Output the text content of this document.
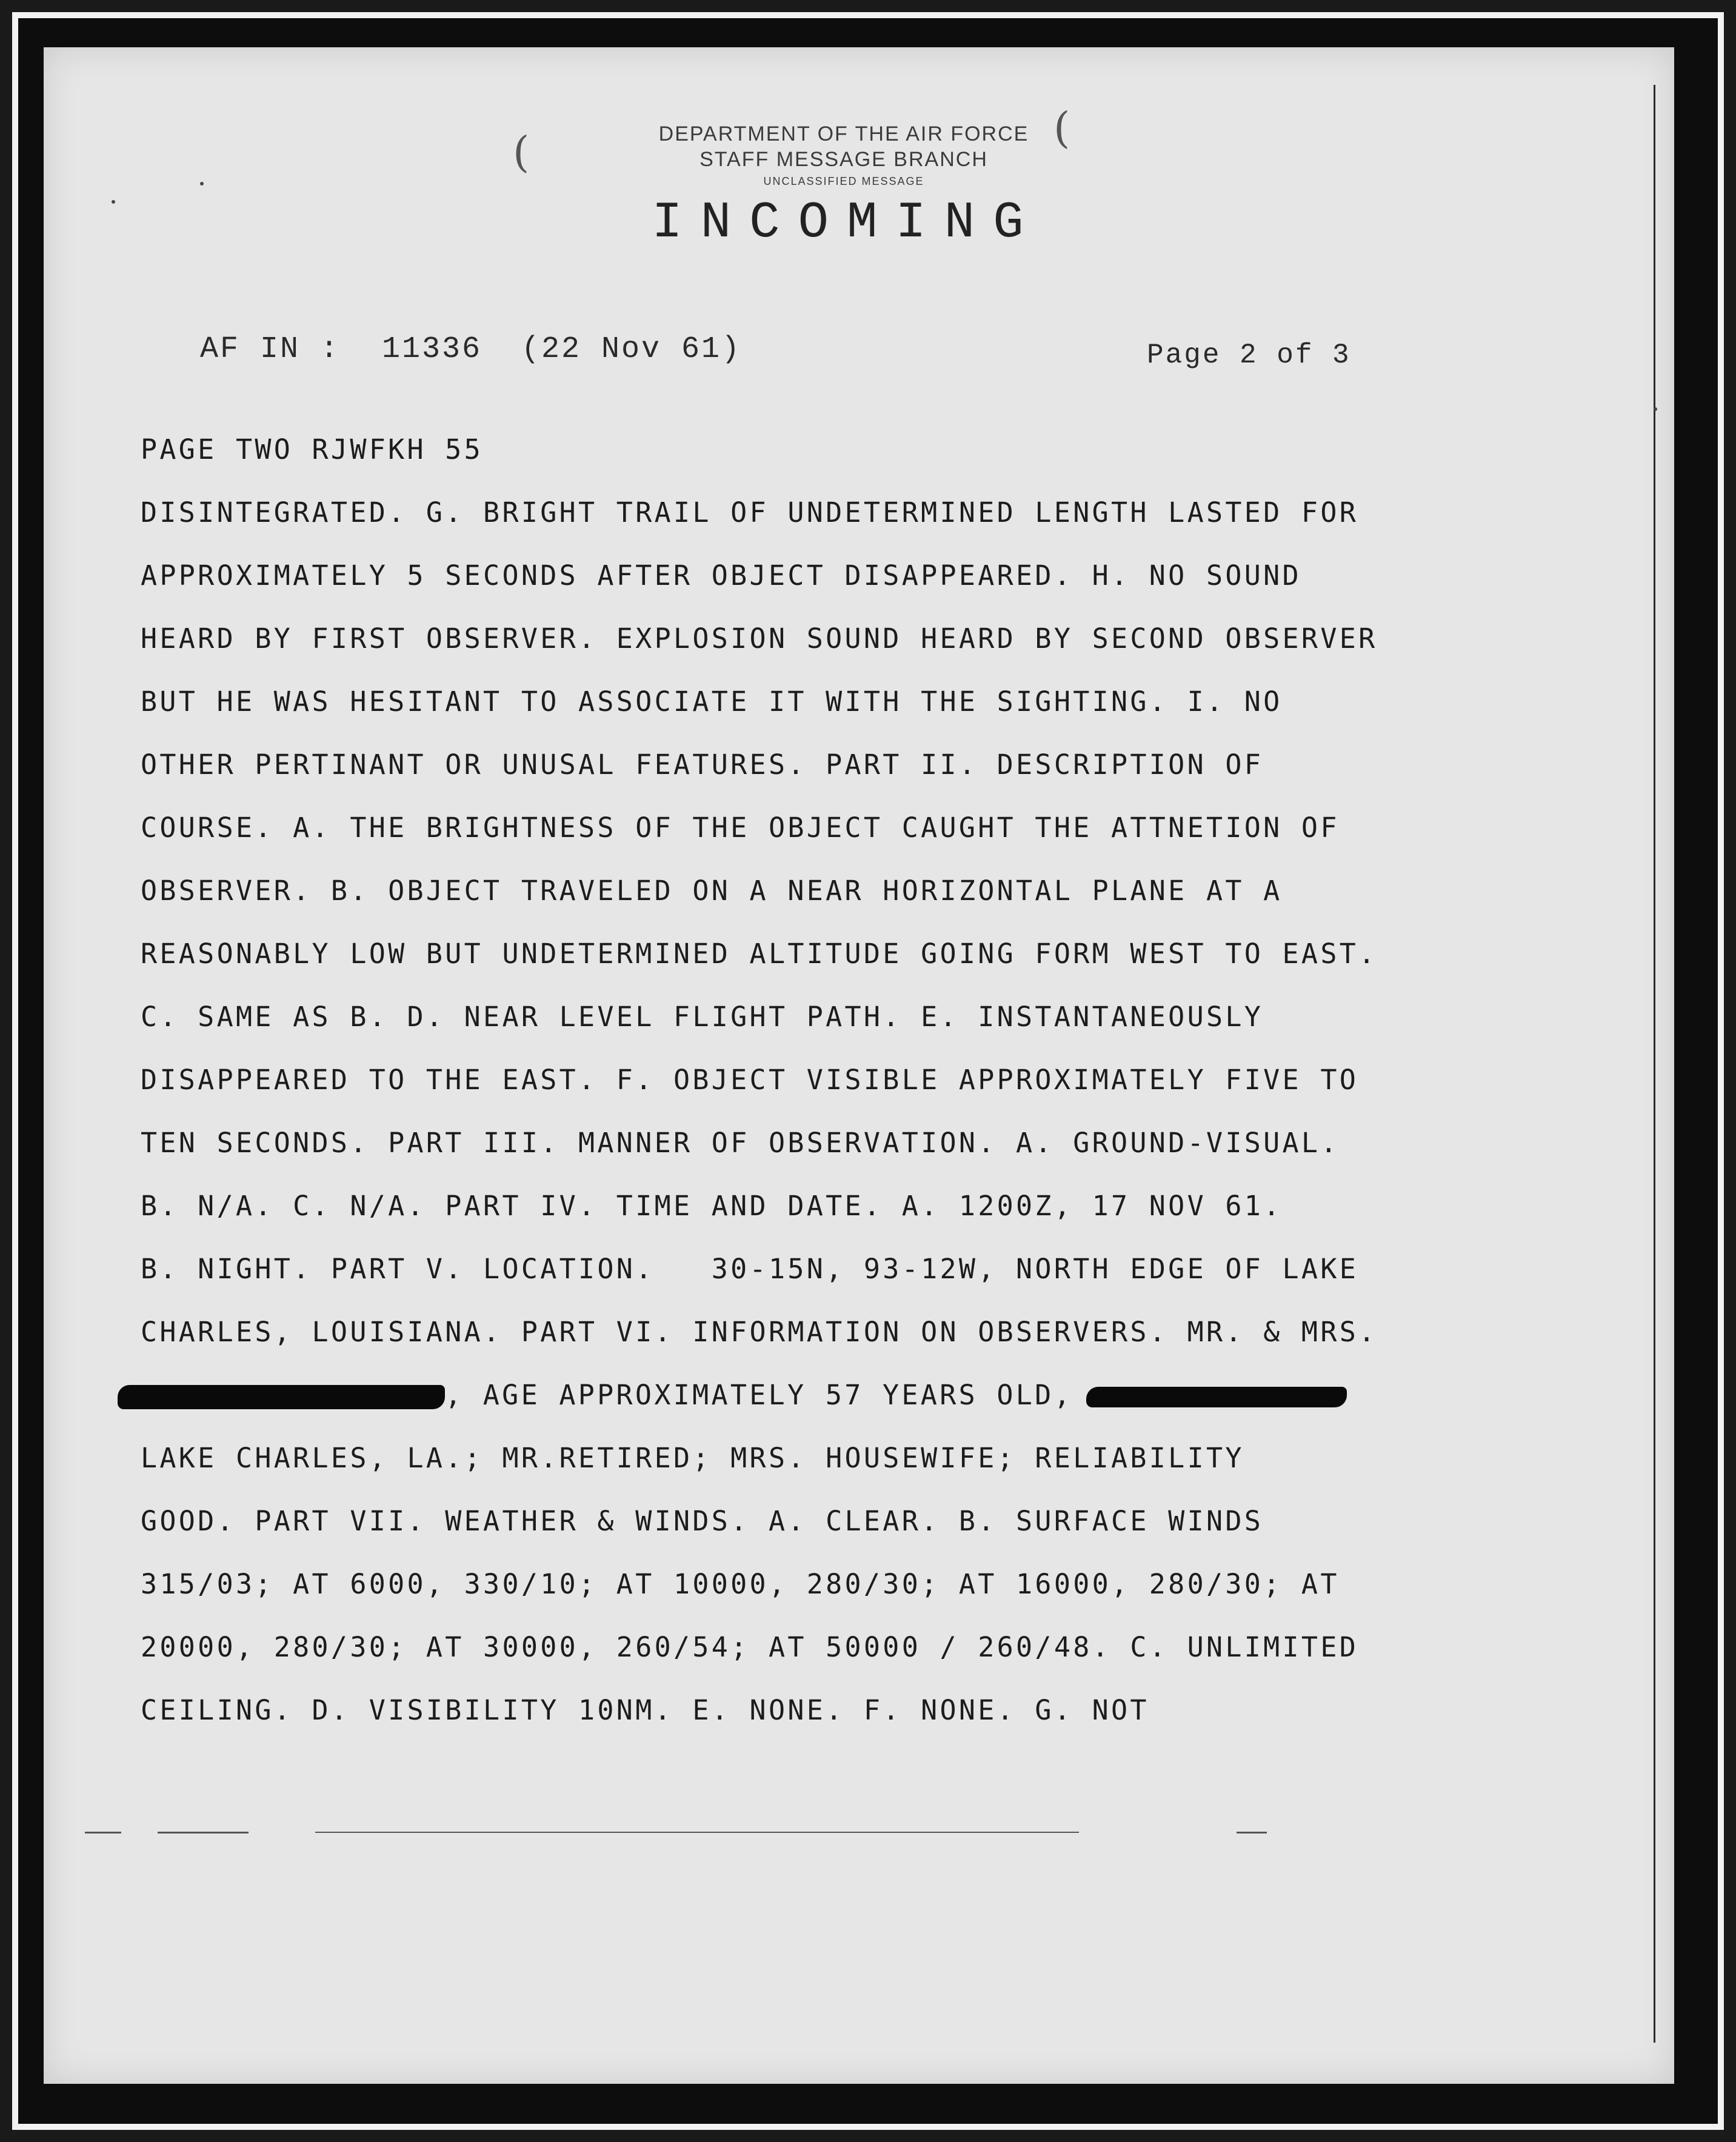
(	(
DEPARTMENT OF THE AIR FORCE
STAFF MESSAGE BRANCH
UNCLASSIFIED MESSAGE
INCOMING
AF IN : 11336 (22 Nov 61)	Page 2 of 3
PAGE TWO RJWFKH 55
DISINTEGRATED. G. BRIGHT TRAIL OF UNDETERMINED LENGTH LASTED FOR
APPROXIMATELY 5 SECONDS AFTER OBJECT DISAPPEARED. H. NO SOUND
HEARD BY FIRST OBSERVER. EXPLOSION SOUND HEARD BY SECOND OBSERVER
BUT HE WAS HESITANT TO ASSOCIATE IT WITH THE SIGHTING. I. NO
OTHER PERTINANT OR UNUSAL FEATURES. PART II. DESCRIPTION OF
COURSE. A. THE BRIGHTNESS OF THE OBJECT CAUGHT THE ATTNETION OF
OBSERVER. B. OBJECT TRAVELED ON A NEAR HORIZONTAL PLANE AT A
REASONABLY LOW BUT UNDETERMINED ALTITUDE GOING FORM WEST TO EAST.
C. SAME AS B. D. NEAR LEVEL FLIGHT PATH. E. INSTANTANEOUSLY
DISAPPEARED TO THE EAST. F. OBJECT VISIBLE APPROXIMATELY FIVE TO
TEN SECONDS. PART III. MANNER OF OBSERVATION. A. GROUND-VISUAL.
B. N/A. C. N/A. PART IV. TIME AND DATE. A. 1200Z, 17 NOV 61.
B. NIGHT. PART V. LOCATION.   30-15N, 93-12W, NORTH EDGE OF LAKE
CHARLES, LOUISIANA. PART VI. INFORMATION ON OBSERVERS. MR. & MRS.
, AGE APPROXIMATELY 57 YEARS OLD,
LAKE CHARLES, LA.; MR.RETIRED; MRS. HOUSEWIFE; RELIABILITY
GOOD. PART VII. WEATHER & WINDS. A. CLEAR. B. SURFACE WINDS
315/03; AT 6000, 330/10; AT 10000, 280/30; AT 16000, 280/30; AT
20000, 280/30; AT 30000, 260/54; AT 50000 / 260/48. C. UNLIMITED
CEILING. D. VISIBILITY 10NM. E. NONE. F. NONE. G. NOT
